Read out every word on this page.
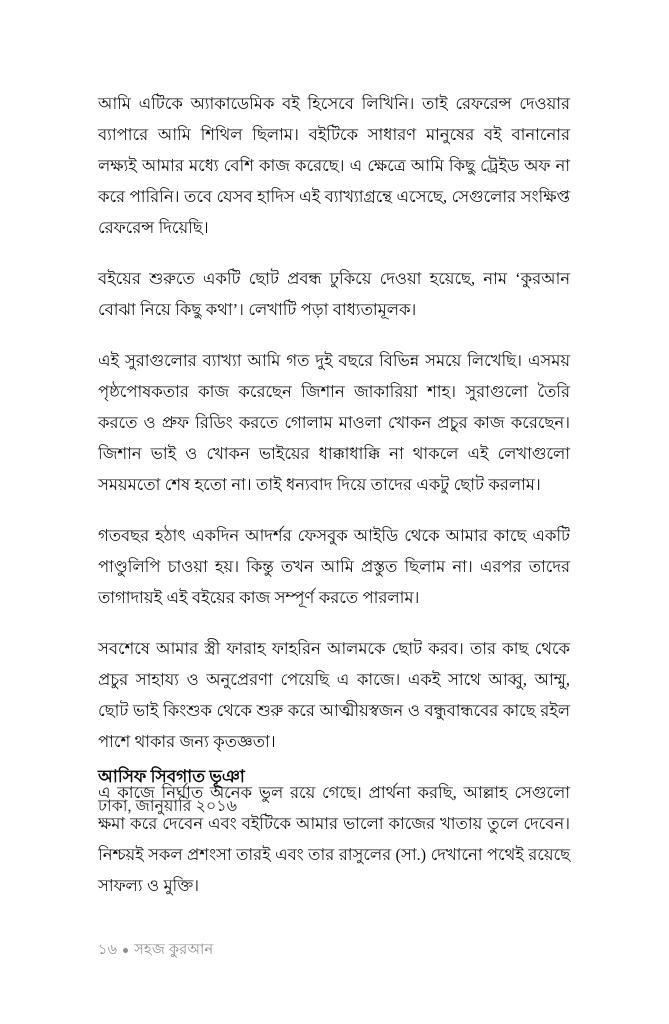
আমি এটিকে অ্যাকাডেমিক বই হিসেবে লিখিনি। তাই রেফরেন্স দেওয়ার ব্যাপারে আমি শিথিল ছিলাম। বইটিকে সাধারণ মানুষের বই বানানোর লক্ষ্যই আমার মধ্যে বেশি কাজ করেছে। এ ক্ষেত্রে আমি কিছু ট্রেইড অফ না করে পারিনি। তবে যেসব হাদিস এই ব্যাখ্যাগ্রন্থে এসেছে, সেগুলোর সংক্ষিপ্ত রেফরেন্স দিয়েছি।

বইয়ের শুরুতে একটি ছোট প্রবন্ধ ঢুকিয়ে দেওয়া হয়েছে, নাম ‘কুরআন বোঝা নিয়ে কিছু কথা’। লেখাটি পড়া বাধ্যতামূলক।

এই সুরাগুলোর ব্যাখ্যা আমি গত দুই বছরে বিভিন্ন সময়ে লিখেছি। এসময় পৃষ্ঠপোষকতার কাজ করেছেন জিশান জাকারিয়া শাহ। সুরাগুলো তৈরি করতে ও প্রুফ রিডিং করতে গোলাম মাওলা খোকন প্রচুর কাজ করেছেন। জিশান ভাই ও খোকন ভাইয়ের ধাক্কাধাক্কি না থাকলে এই লেখাগুলো সময়মতো শেষ হতো না। তাই ধন্যবাদ দিয়ে তাদের একটু ছোট করলাম।

গতবছর হঠাৎ একদিন আদর্শর ফেসবুক আইডি থেকে আমার কাছে একটি পাণ্ডুলিপি চাওয়া হয়। কিন্তু তখন আমি প্রস্তুত ছিলাম না। এরপর তাদের তাগাদায়ই এই বইয়ের কাজ সম্পূর্ণ করতে পারলাম।

সবশেষে আমার স্ত্রী ফারাহ ফাহরিন আলমকে ছোট করব। তার কাছ থেকে প্রচুর সাহায্য ও অনুপ্রেরণা পেয়েছি এ কাজে। একই সাথে আব্বু, আম্মু, ছোট ভাই কিংশুক থেকে শুরু করে আত্মীয়স্বজন ও বন্ধুবান্ধবের কাছে রইল পাশে থাকার জন্য কৃতজ্ঞতা।

এ কাজে নির্ঘাত অনেক ভুল রয়ে গেছে। প্রার্থনা করছি, আল্লাহ সেগুলো ক্ষমা করে দেবেন এবং বইটিকে আমার ভালো কাজের খাতায় তুলে দেবেন। নিশ্চয়ই সকল প্রশংসা তারই এবং তার রাসুলের (সা.) দেখানো পথেই রয়েছে সাফল্য ও মুক্তি।

আসিফ সিবগাত ভূঞা

ঢাকা, জানুয়ারি ২০১৬

১৬ সহজ কুরআন
